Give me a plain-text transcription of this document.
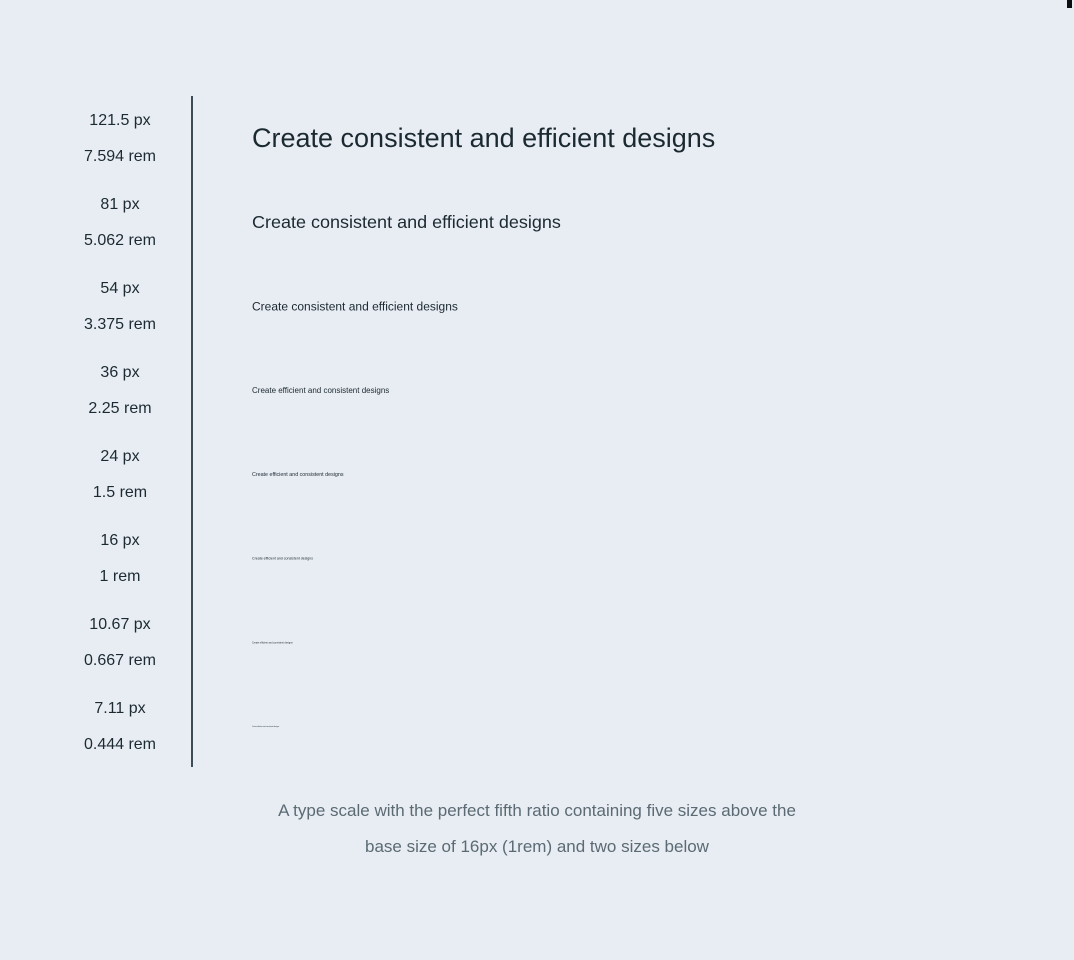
121.5 px
7.594 rem
Create consistent and efficient designs
81 px
5.062 rem
Create consistent and efficient designs
54 px
3.375 rem
Create consistent and efficient designs
36 px
2.25 rem
Create efficient and consistent designs
24 px
1.5 rem
Create efficient and consistent designs
16 px
1 rem
Create efficient and consistent designs
10.67 px
0.667 rem
Create efficient and consistent designs
7.11 px
0.444 rem
Create efficient and consistent designs
A type scale with the perfect fifth ratio containing five sizes above the
base size of 16px (1rem) and two sizes below
